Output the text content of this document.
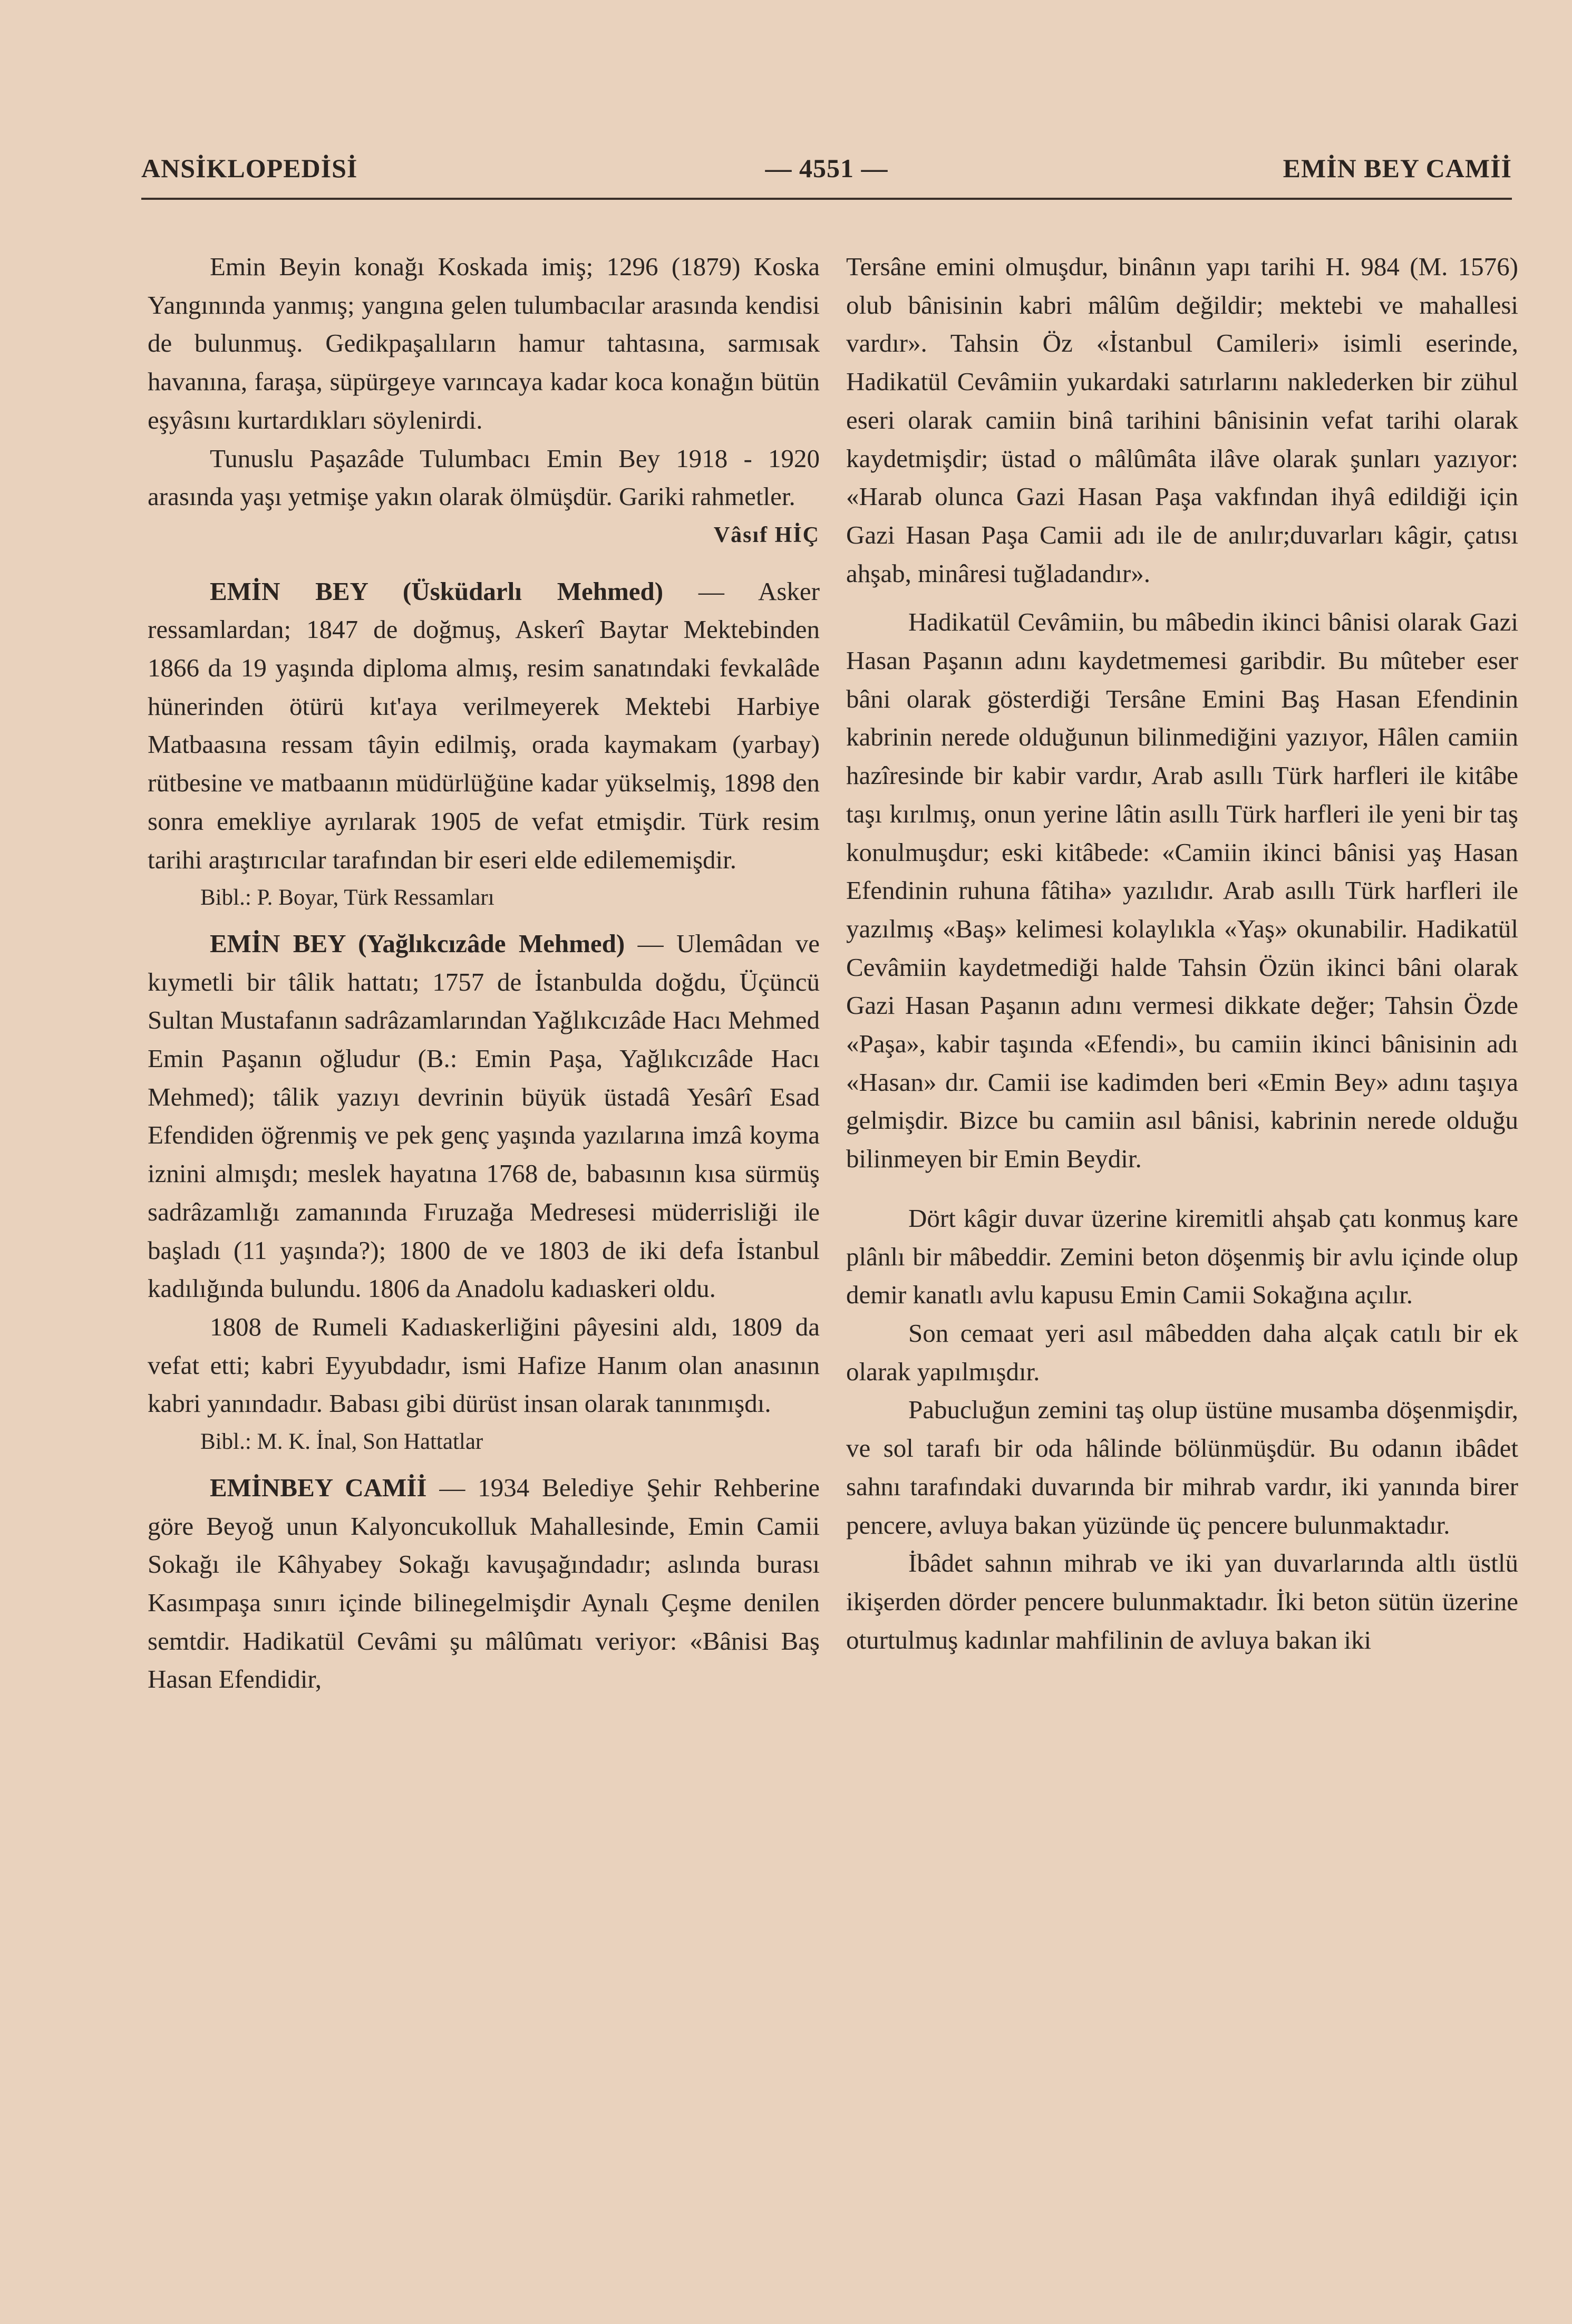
— 4551 —
ANSİKLOPEDİSİ	EMİN BEY CAMİİ

Emin Beyin konağı Koskada imiş; 1296 (1879) Koska Yangınında yanmış; yangına gelen tulumbacılar arasında kendisi de bulunmuş. Gedikpaşalıların hamur tahtasına, sarmısak havanına, faraşa, süpürgeye varıncaya kadar koca konağın bütün eşyâsını kurtardıkları söylenirdi.

Tunuslu Paşazâde Tulumbacı Emin Bey 1918 - 1920 arasında yaşı yetmişe yakın olarak ölmüşdür. Gariki rahmetler.

Vâsıf HİÇ

EMİN BEY (Üsküdarlı Mehmed) — Asker ressamlardan; 1847 de doğmuş, Askerî Baytar Mektebinden 1866 da 19 yaşında diploma almış, resim sanatındaki fevkalâde hünerinden ötürü kıt'aya verilmeyerek Mektebi Harbiye Matbaasına ressam tâyin edilmiş, orada kaymakam (yarbay) rütbesine ve matbaanın müdürlüğüne kadar yükselmiş, 1898 den sonra emekliye ayrılarak 1905 de vefat etmişdir. Türk resim tarihi araştırıcılar tarafından bir eseri elde edilememişdir.

Bibl.: P. Boyar, Türk Ressamları

EMİN BEY (Yağlıkcızâde Mehmed) — Ulemâdan ve kıymetli bir tâlik hattatı; 1757 de İstanbulda doğdu, Üçüncü Sultan Mustafanın sadrâzamlarından Yağlıkcızâde Hacı Mehmed Emin Paşanın oğludur (B.: Emin Paşa, Yağlıkcızâde Hacı Mehmed); tâlik yazıyı devrinin büyük üstadâ Yesârî Esad Efendiden öğrenmiş ve pek genç yaşında yazılarına imzâ koyma iznini almışdı; meslek hayatına 1768 de, babasının kısa sürmüş sadrâzamlığı zamanında Fıruzağa Medresesi müderrisliği ile başladı (11 yaşında?); 1800 de ve 1803 de iki defa İstanbul kadılığında bulundu. 1806 da Anadolu kadıaskeri oldu.

1808 de Rumeli Kadıaskerliğini pâyesini aldı, 1809 da vefat etti; kabri Eyyubdadır, ismi Hafize Hanım olan anasının kabri yanındadır. Babası gibi dürüst insan olarak tanınmışdı.

Bibl.: M. K. İnal, Son Hattatlar

EMİNBEY CAMİİ — 1934 Belediye Şehir Rehberine göre Beyoğ unun Kalyoncukolluk Mahallesinde, Emin Camii Sokağı ile Kâhyabey Sokağı kavuşağındadır; aslında burası Kasımpaşa sınırı içinde bilinegelmişdir Aynalı Çeşme denilen semtdir. Hadikatül Cevâmi şu mâlûmatı veriyor: «Bânisi Baş Hasan Efendidir,

Tersâne emini olmuşdur, binânın yapı tarihi H. 984 (M. 1576) olub bânisinin kabri mâlûm değildir; mektebi ve mahallesi vardır». Tahsin Öz «İstanbul Camileri» isimli eserinde, Hadikatül Cevâmiin yukardaki satırlarını naklederken bir zühul eseri olarak camiin binâ tarihini bânisinin vefat tarihi olarak kaydetmişdir; üstad o mâlûmâta ilâve olarak şunları yazıyor: «Harab olunca Gazi Hasan Paşa vakfından ihyâ edildiği için Gazi Hasan Paşa Camii adı ile de anılır;duvarları kâgir, çatısı ahşab, minâresi tuğladandır».

Hadikatül Cevâmiin, bu mâbedin ikinci bânisi olarak Gazi Hasan Paşanın adını kaydetmemesi garibdir. Bu mûteber eser bâni olarak gösterdiği Tersâne Emini Baş Hasan Efendinin kabrinin nerede olduğunun bilinmediğini yazıyor, Hâlen camiin hazîresinde bir kabir vardır, Arab asıllı Türk harfleri ile kitâbe taşı kırılmış, onun yerine lâtin asıllı Türk harfleri ile yeni bir taş konulmuşdur; eski kitâbede: «Camiin ikinci bânisi yaş Hasan Efendinin ruhuna fâtiha» yazılıdır. Arab asıllı Türk harfleri ile yazılmış «Baş» kelimesi kolaylıkla «Yaş» okunabilir. Hadikatül Cevâmiin kaydetmediği halde Tahsin Özün ikinci bâni olarak Gazi Hasan Paşanın adını vermesi dikkate değer; Tahsin Özde «Paşa», kabir taşında «Efendi», bu camiin ikinci bânisinin adı «Hasan» dır. Camii ise kadimden beri «Emin Bey» adını taşıya gelmişdir. Bizce bu camiin asıl bânisi, kabrinin nerede olduğu bilinmeyen bir Emin Beydir.

Dört kâgir duvar üzerine kiremitli ahşab çatı konmuş kare plânlı bir mâbeddir. Zemini beton döşenmiş bir avlu içinde olup demir kanatlı avlu kapusu Emin Camii Sokağına açılır.

Son cemaat yeri asıl mâbedden daha alçak catılı bir ek olarak yapılmışdır.

Pabucluğun zemini taş olup üstüne musamba döşenmişdir, ve sol tarafı bir oda hâlinde bölünmüşdür. Bu odanın ibâdet sahnı tarafındaki duvarında bir mihrab vardır, iki yanında birer pencere, avluya bakan yüzünde üç pencere bulunmaktadır.

İbâdet sahnın mihrab ve iki yan duvarlarında altlı üstlü ikişerden dörder pencere bulunmaktadır. İki beton sütün üzerine oturtulmuş kadınlar mahfilinin de avluya bakan iki
